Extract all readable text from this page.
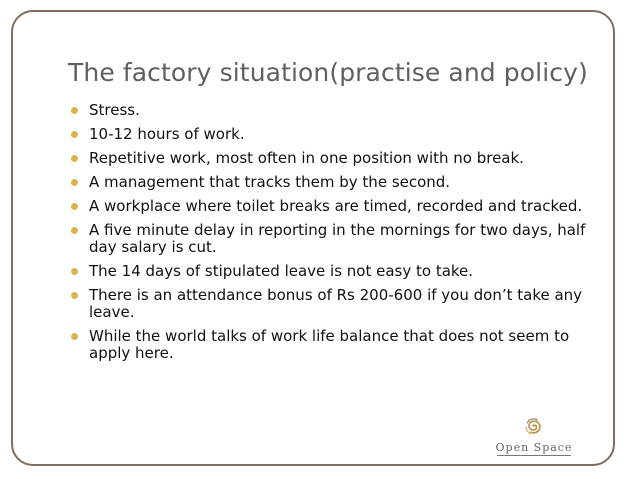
The factory situation(practise and policy)
Stress.
10-12 hours of work.
Repetitive work, most often in one position with no break.
A management that tracks them by the second.
A workplace where toilet breaks are timed, recorded and tracked.
A five minute delay in reporting in the mornings for two days, half day salary is cut.
The 14 days of stipulated leave is not easy to take.
There is an attendance bonus of Rs 200-600 if you don’t take any leave.
While the world talks of work life balance that does not seem to apply here.
Open Space
